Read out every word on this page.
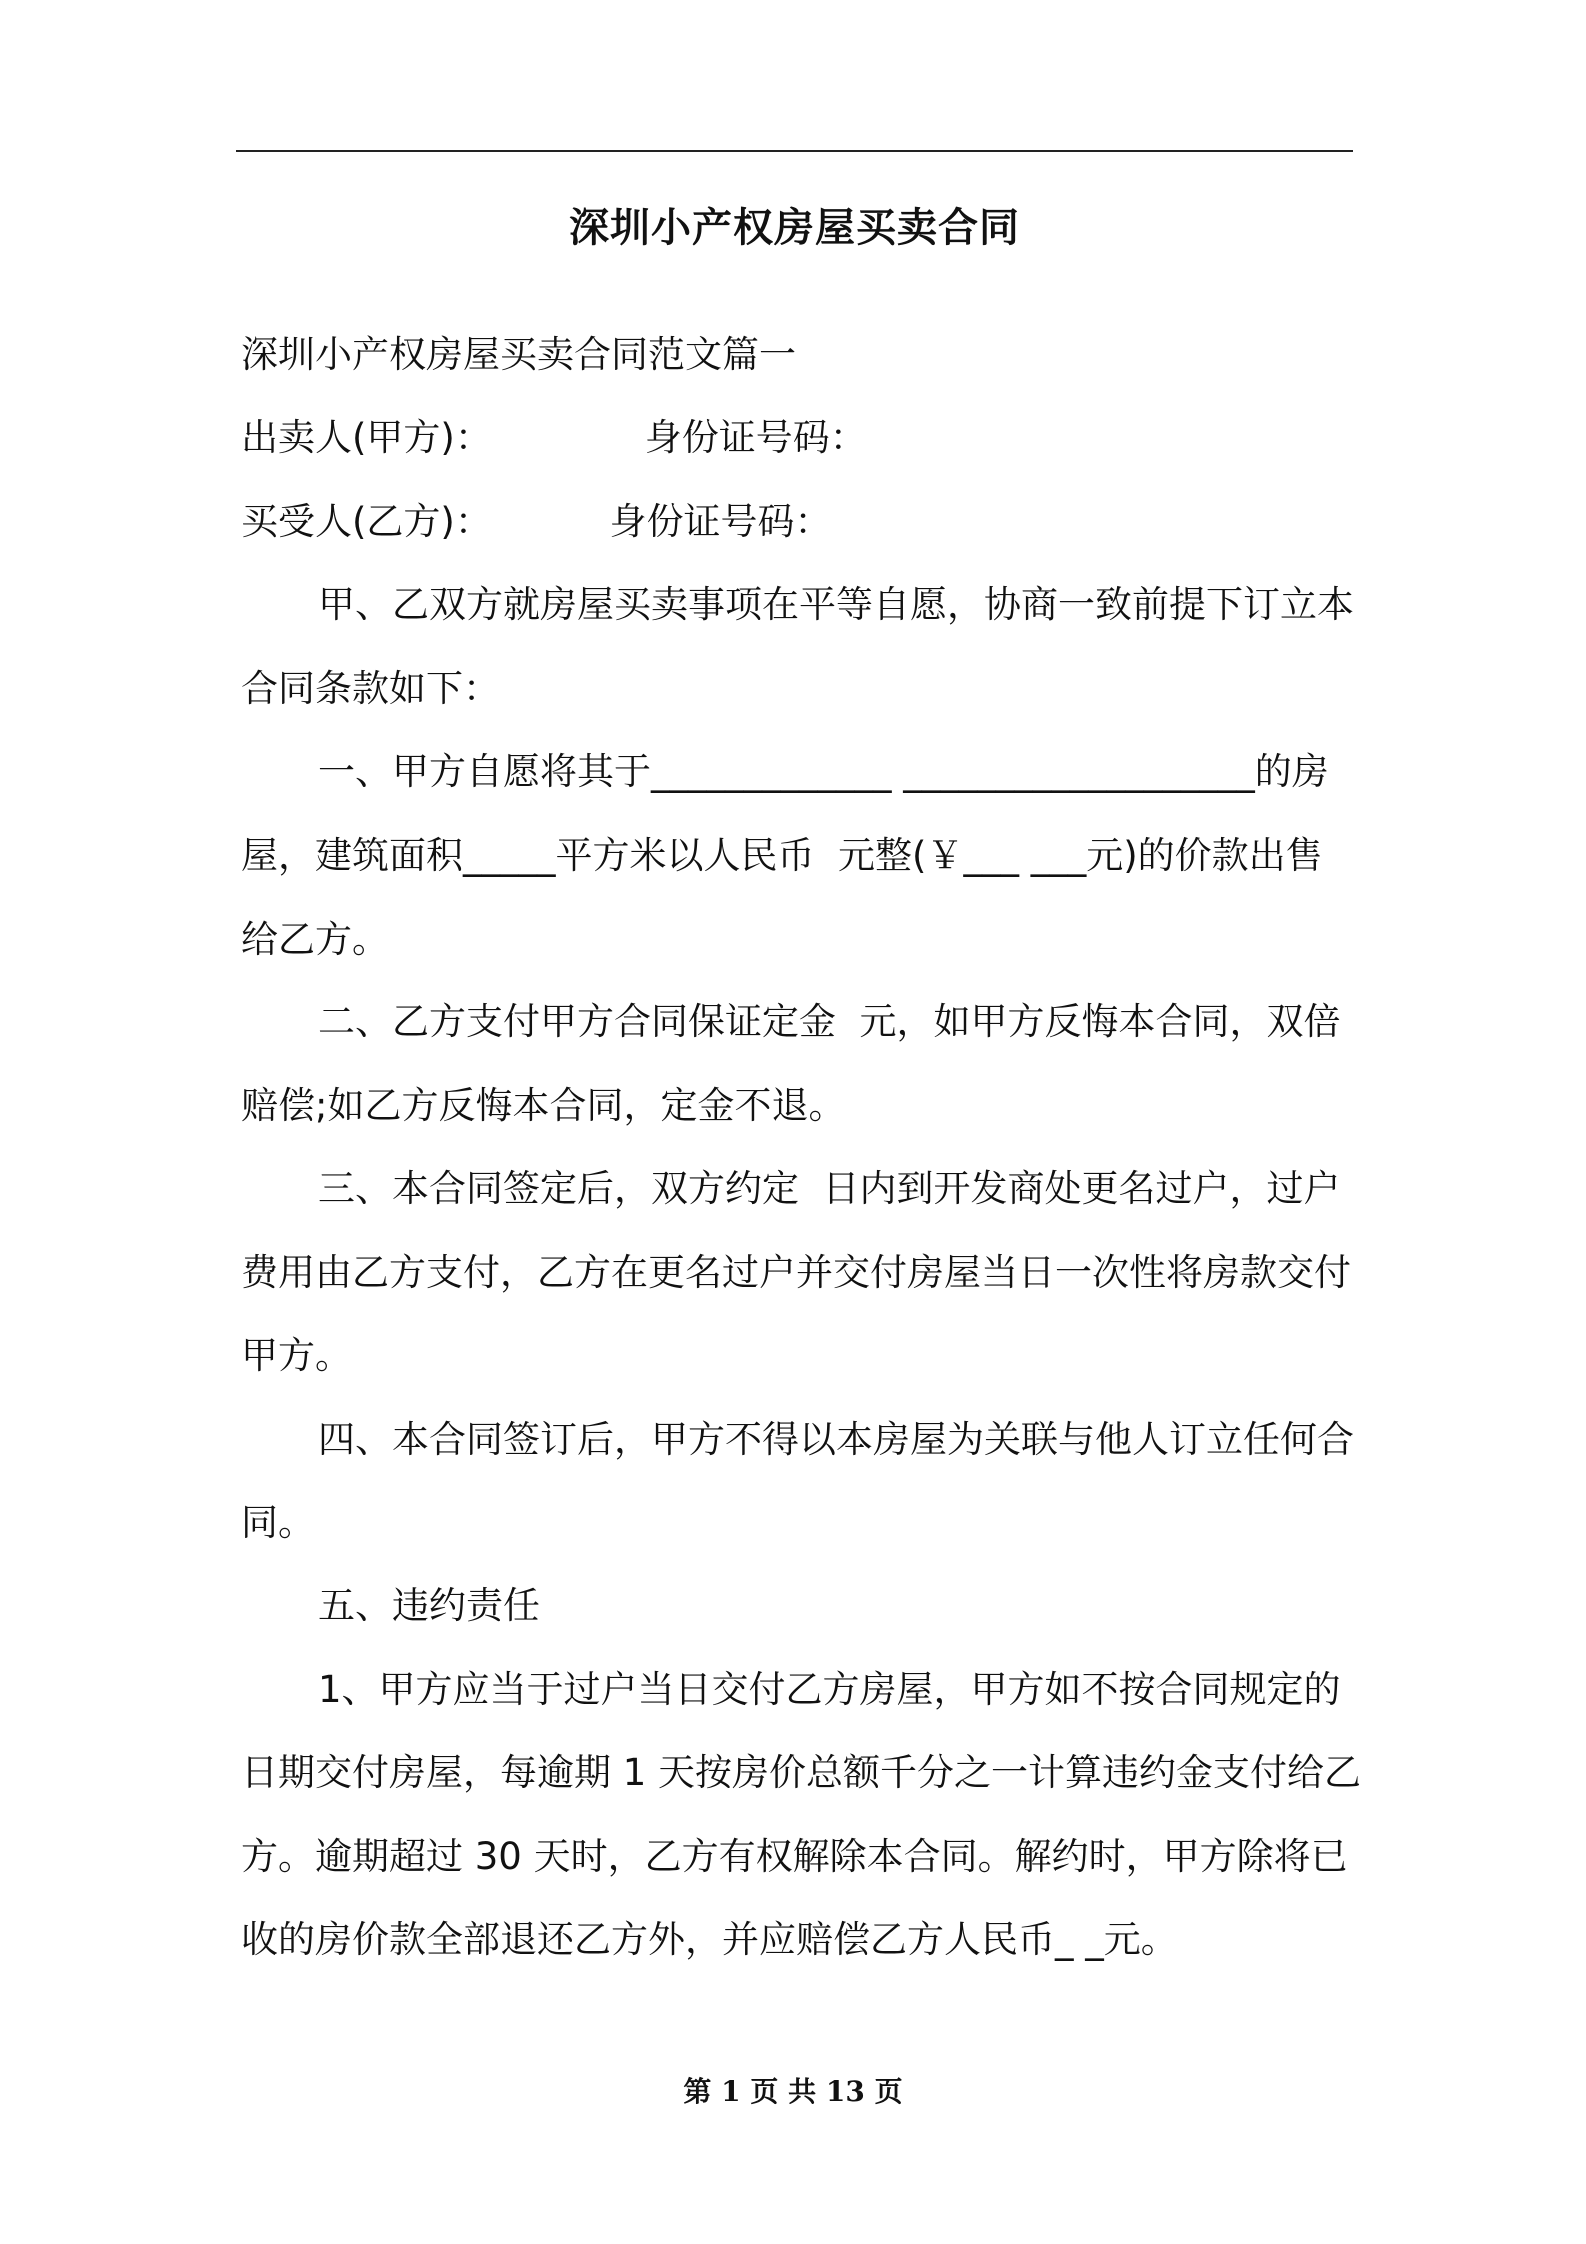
深圳小产权房屋买卖合同
深圳小产权房屋买卖合同范文篇一
出卖人(甲方)：             身份证号码：
买受人(乙方)：          身份证号码：
甲、乙双方就房屋买卖事项在平等自愿，协商一致前提下订立本
合同条款如下：
一、甲方自愿将其于_____________ ___________________的房
屋，建筑面积_____平方米以人民币  元整(￥___ ___元)的价款出售
给乙方。
二、乙方支付甲方合同保证定金  元，如甲方反悔本合同，双倍
赔偿;如乙方反悔本合同，定金不退。
三、本合同签定后，双方约定  日内到开发商处更名过户，过户
费用由乙方支付，乙方在更名过户并交付房屋当日一次性将房款交付
甲方。
四、本合同签订后，甲方不得以本房屋为关联与他人订立任何合
同。
五、违约责任
1、甲方应当于过户当日交付乙方房屋，甲方如不按合同规定的
日期交付房屋，每逾期 1 天按房价总额千分之一计算违约金支付给乙
方。逾期超过 30 天时，乙方有权解除本合同。解约时，甲方除将已
收的房价款全部退还乙方外，并应赔偿乙方人民币_ _元。
第 1 页 共 13 页
